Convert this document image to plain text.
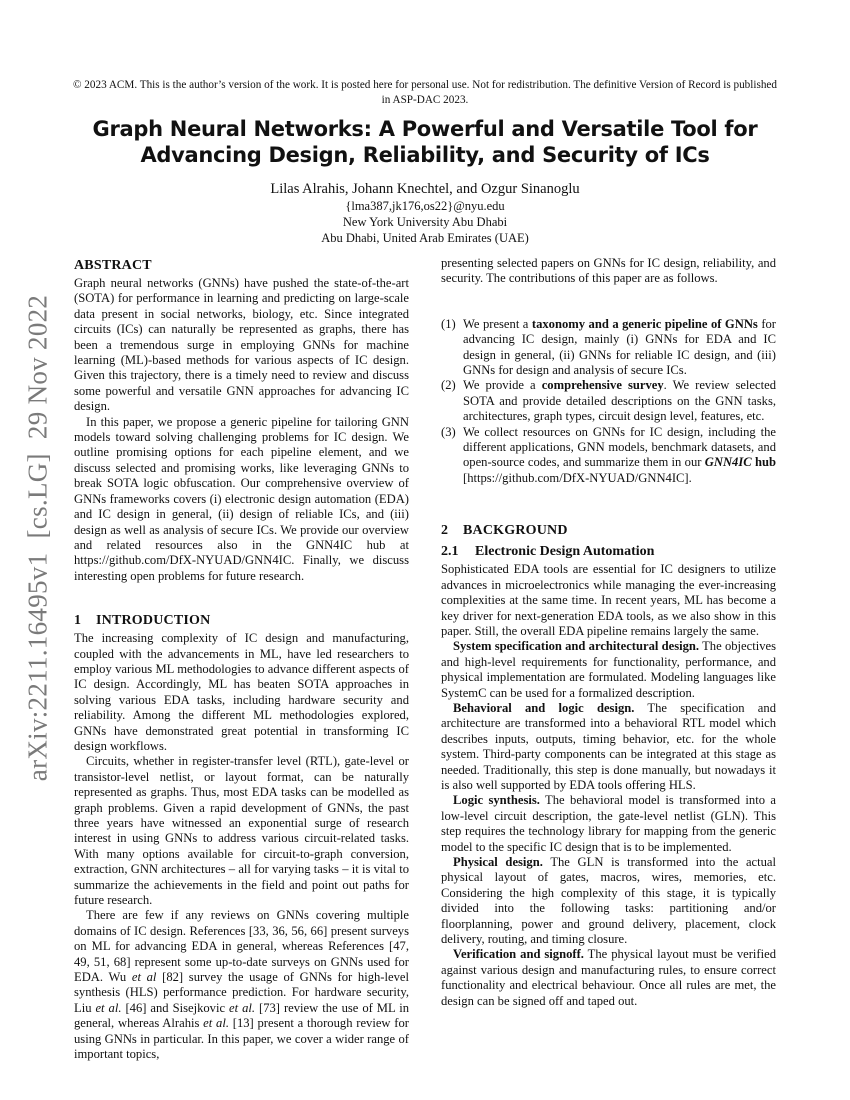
© 2023 ACM. This is the author’s version of the work. It is posted here for personal use. Not for redistribution. The definitive Version of Record is published in ASP-DAC 2023.
Graph Neural Networks: A Powerful and Versatile Tool for
Advancing Design, Reliability, and Security of ICs
Lilas Alrahis, Johann Knechtel, and Ozgur Sinanoglu
{lma387,jk176,os22}@nyu.edu
New York University Abu Dhabi
Abu Dhabi, United Arab Emirates (UAE)
arXiv:2211.16495v1  [cs.LG]  29 Nov 2022
ABSTRACT

Graph neural networks (GNNs) have pushed the state-of-the-art (SOTA) for performance in learning and predicting on large-scale data present in social networks, biology, etc. Since integrated circuits (ICs) can naturally be represented as graphs, there has been a tremendous surge in employing GNNs for machine learning (ML)-based methods for various aspects of IC design. Given this trajectory, there is a timely need to review and discuss some powerful and versatile GNN approaches for advancing IC design.

In this paper, we propose a generic pipeline for tailoring GNN models toward solving challenging problems for IC design. We outline promising options for each pipeline element, and we discuss selected and promising works, like leveraging GNNs to break SOTA logic obfuscation. Our comprehensive overview of GNNs frameworks covers (i) electronic design automation (EDA) and IC design in general, (ii) design of reliable ICs, and (iii) design as well as analysis of secure ICs. We provide our overview and related resources also in the GNN4IC hub at https://github.com/DfX-NYUAD/GNN4IC. Finally, we discuss interesting open problems for future research.

1 INTRODUCTION

The increasing complexity of IC design and manufacturing, coupled with the advancements in ML, have led researchers to employ various ML methodologies to advance different aspects of IC design. Accordingly, ML has beaten SOTA approaches in solving various EDA tasks, including hardware security and reliability. Among the different ML methodologies explored, GNNs have demonstrated great potential in transforming IC design workflows.

Circuits, whether in register-transfer level (RTL), gate-level or transistor-level netlist, or layout format, can be naturally represented as graphs. Thus, most EDA tasks can be modelled as graph problems. Given a rapid development of GNNs, the past three years have witnessed an exponential surge of research interest in using GNNs to address various circuit-related tasks. With many options available for circuit-to-graph conversion, extraction, GNN architectures – all for varying tasks – it is vital to summarize the achievements in the field and point out paths for future research.

There are few if any reviews on GNNs covering multiple domains of IC design. References [33, 36, 56, 66] present surveys on ML for advancing EDA in general, whereas References [47, 49, 51, 68] represent some up-to-date surveys on GNNs used for EDA. Wu et al [82] survey the usage of GNNs for high-level synthesis (HLS) performance prediction. For hardware security, Liu et al. [46] and Sisejkovic et al. [73] review the use of ML in general, whereas Alrahis et al. [13] present a thorough review for using GNNs in particular. In this paper, we cover a wider range of important topics,

presenting selected papers on GNNs for IC design, reliability, and security. The contributions of this paper are as follows.

(1) We present a taxonomy and a generic pipeline of GNNs for advancing IC design, mainly (i) GNNs for EDA and IC design in general, (ii) GNNs for reliable IC design, and (iii) GNNs for design and analysis of secure ICs.
(2) We provide a comprehensive survey. We review selected SOTA and provide detailed descriptions on the GNN tasks, architectures, graph types, circuit design level, features, etc.
(3) We collect resources on GNNs for IC design, including the different applications, GNN models, benchmark datasets, and open-source codes, and summarize them in our GNN4IC hub [https://github.com/DfX-NYUAD/GNN4IC].
2 BACKGROUND
2.1 Electronic Design Automation

Sophisticated EDA tools are essential for IC designers to utilize advances in microelectronics while managing the ever-increasing complexities at the same time. In recent years, ML has become a key driver for next-generation EDA tools, as we also show in this paper. Still, the overall EDA pipeline remains largely the same.

System specification and architectural design. The objectives and high-level requirements for functionality, performance, and physical implementation are formulated. Modeling languages like SystemC can be used for a formalized description.

Behavioral and logic design. The specification and architecture are transformed into a behavioral RTL model which describes inputs, outputs, timing behavior, etc. for the whole system. Third-party components can be integrated at this stage as needed. Traditionally, this step is done manually, but nowadays it is also well supported by EDA tools offering HLS.

Logic synthesis. The behavioral model is transformed into a low-level circuit description, the gate-level netlist (GLN). This step requires the technology library for mapping from the generic model to the specific IC design that is to be implemented.

Physical design. The GLN is transformed into the actual physical layout of gates, macros, wires, memories, etc. Considering the high complexity of this stage, it is typically divided into the following tasks: partitioning and/or floorplanning, power and ground delivery, placement, clock delivery, routing, and timing closure.

Verification and signoff. The physical layout must be verified against various design and manufacturing rules, to ensure correct functionality and electrical behaviour. Once all rules are met, the design can be signed off and taped out.
